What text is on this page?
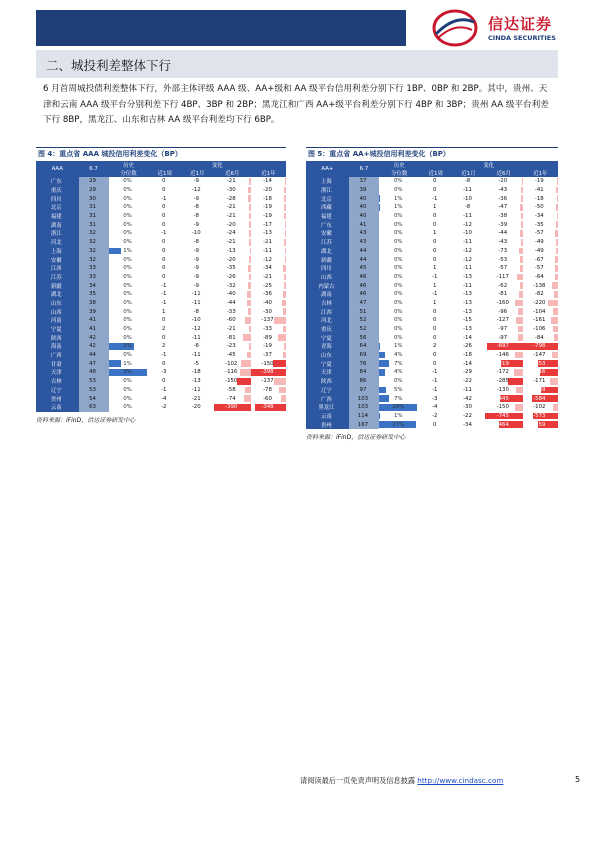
信达证券
CINDA SECURITIES
二、城投利差整体下行

6 月首周城投债利差整体下行，外部主体评级 AAA 级、AA+级和 AA 级平台信用利差分别下行 1BP、0BP 和 2BP。其中，贵州、天津和云南 AAA 级平台分别利差下行 4BP、3BP 和 2BP；黑龙江和广西 AA+级平台利差分别下行 4BP 和 3BP；贵州 AA 级平台利差下行 8BP，黑龙江、山东和吉林 AA 级平台利差均下行 6BP。

图 4：重点省 AAA 城投信用利差变化（BP）
AAA	6.7	历史	变化			
		分位数	近1周	近1月	近6月	近1年
广东	29	0%	0	-9	-21	-14
重庆	29	0%	0	-12	-30	-20
四川	30	0%	-1	-9	-28	-18
北京	31	0%	0	-8	-21	-19
福建	31	0%	0	-8	-21	-19
湖南	31	0%	0	-9	-20	-17
浙江	32	0%	-1	-10	-24	-13
河北	32	0%	0	-8	-21	-21
上海	32	1%	0	-9	-13	-11
安徽	32	0%	0	-9	-20	-12
江西	33	0%	0	-9	-35	-34
江苏	33	0%	0	-9	-26	-21
新疆	34	0%	-1	-9	-32	-25
湖北	35	0%	-1	-11	-40	-36
山东	38	0%	-1	-11	-44	-40
山西	39	0%	1	-8	-33	-30
河南	41	0%	0	-10	-60	-137
宁夏	41	0%	2	-12	-21	-33
陕西	42	0%	0	-11	-81	-89
海南	42	2%	2	-6	-23	-19
广西	44	0%	-1	-11	-45	-37
甘肃	47	1%	0	-5	-102	-150
天津	48	3%	-3	-18	-116	-398
吉林	53	0%	0	-13	-150	-137
辽宁	53	0%	-1	-11	-58	-78
贵州	54	0%	-4	-21	-74	-60
云南	63	0%	-2	-20	-390	-348
资料来源：iFinD，信达证券研发中心
图 5：重点省 AA+城投信用利差变化（BP）
AA+	6.7	历史	变化			
		分位数	近1周	近1月	近6月	近1年
上海	37	0%	0	-8	-20	-19
浙江	39	0%	0	-11	-43	-41
北京	40	1%	-1	-10	-36	-18
西藏	40	1%	1	-8	-47	-50
福建	40	0%	0	-11	-38	-34
广东	41	0%	0	-12	-39	-35
安徽	43	0%	1	-10	-44	-57
江苏	43	0%	0	-11	-43	-49
湖北	44	0%	0	-12	-73	-49
新疆	44	0%	0	-12	-53	-67
四川	45	0%	1	-11	-57	-57
山西	46	0%	-1	-13	-117	-64
内蒙古	46	0%	1	-11	-62	-138
湖南	46	0%	-1	-13	-81	-82
吉林	47	0%	1	-13	-160	-220
江西	51	0%	0	-13	-96	-104
河北	52	0%	0	-15	-127	-161
重庆	52	0%	0	-13	-97	-106
宁夏	56	0%	0	-14	-97	-84
青海	64	1%	2	-26	-697	-798
山东	69	4%	0	-18	-146	-147
宁夏	76	7%	0	-14	-419	-453
天津	84	4%	-1	-29	-172	-416
陕西	86	0%	-1	-22	-285	-171
辽宁	97	5%	-1	-11	-130	-389
广西	103	7%	-3	-42	-445	-584
黑龙江	103	28%	-4	-30	-150	-102
云南	114	1%	-2	-22	-745	-573
贵州	167	27%	0	-34	-464	-459
资料来源：iFinD，信达证券研发中心
请阅读最后一页免责声明及信息披露 http://www.cindasc.com	5
